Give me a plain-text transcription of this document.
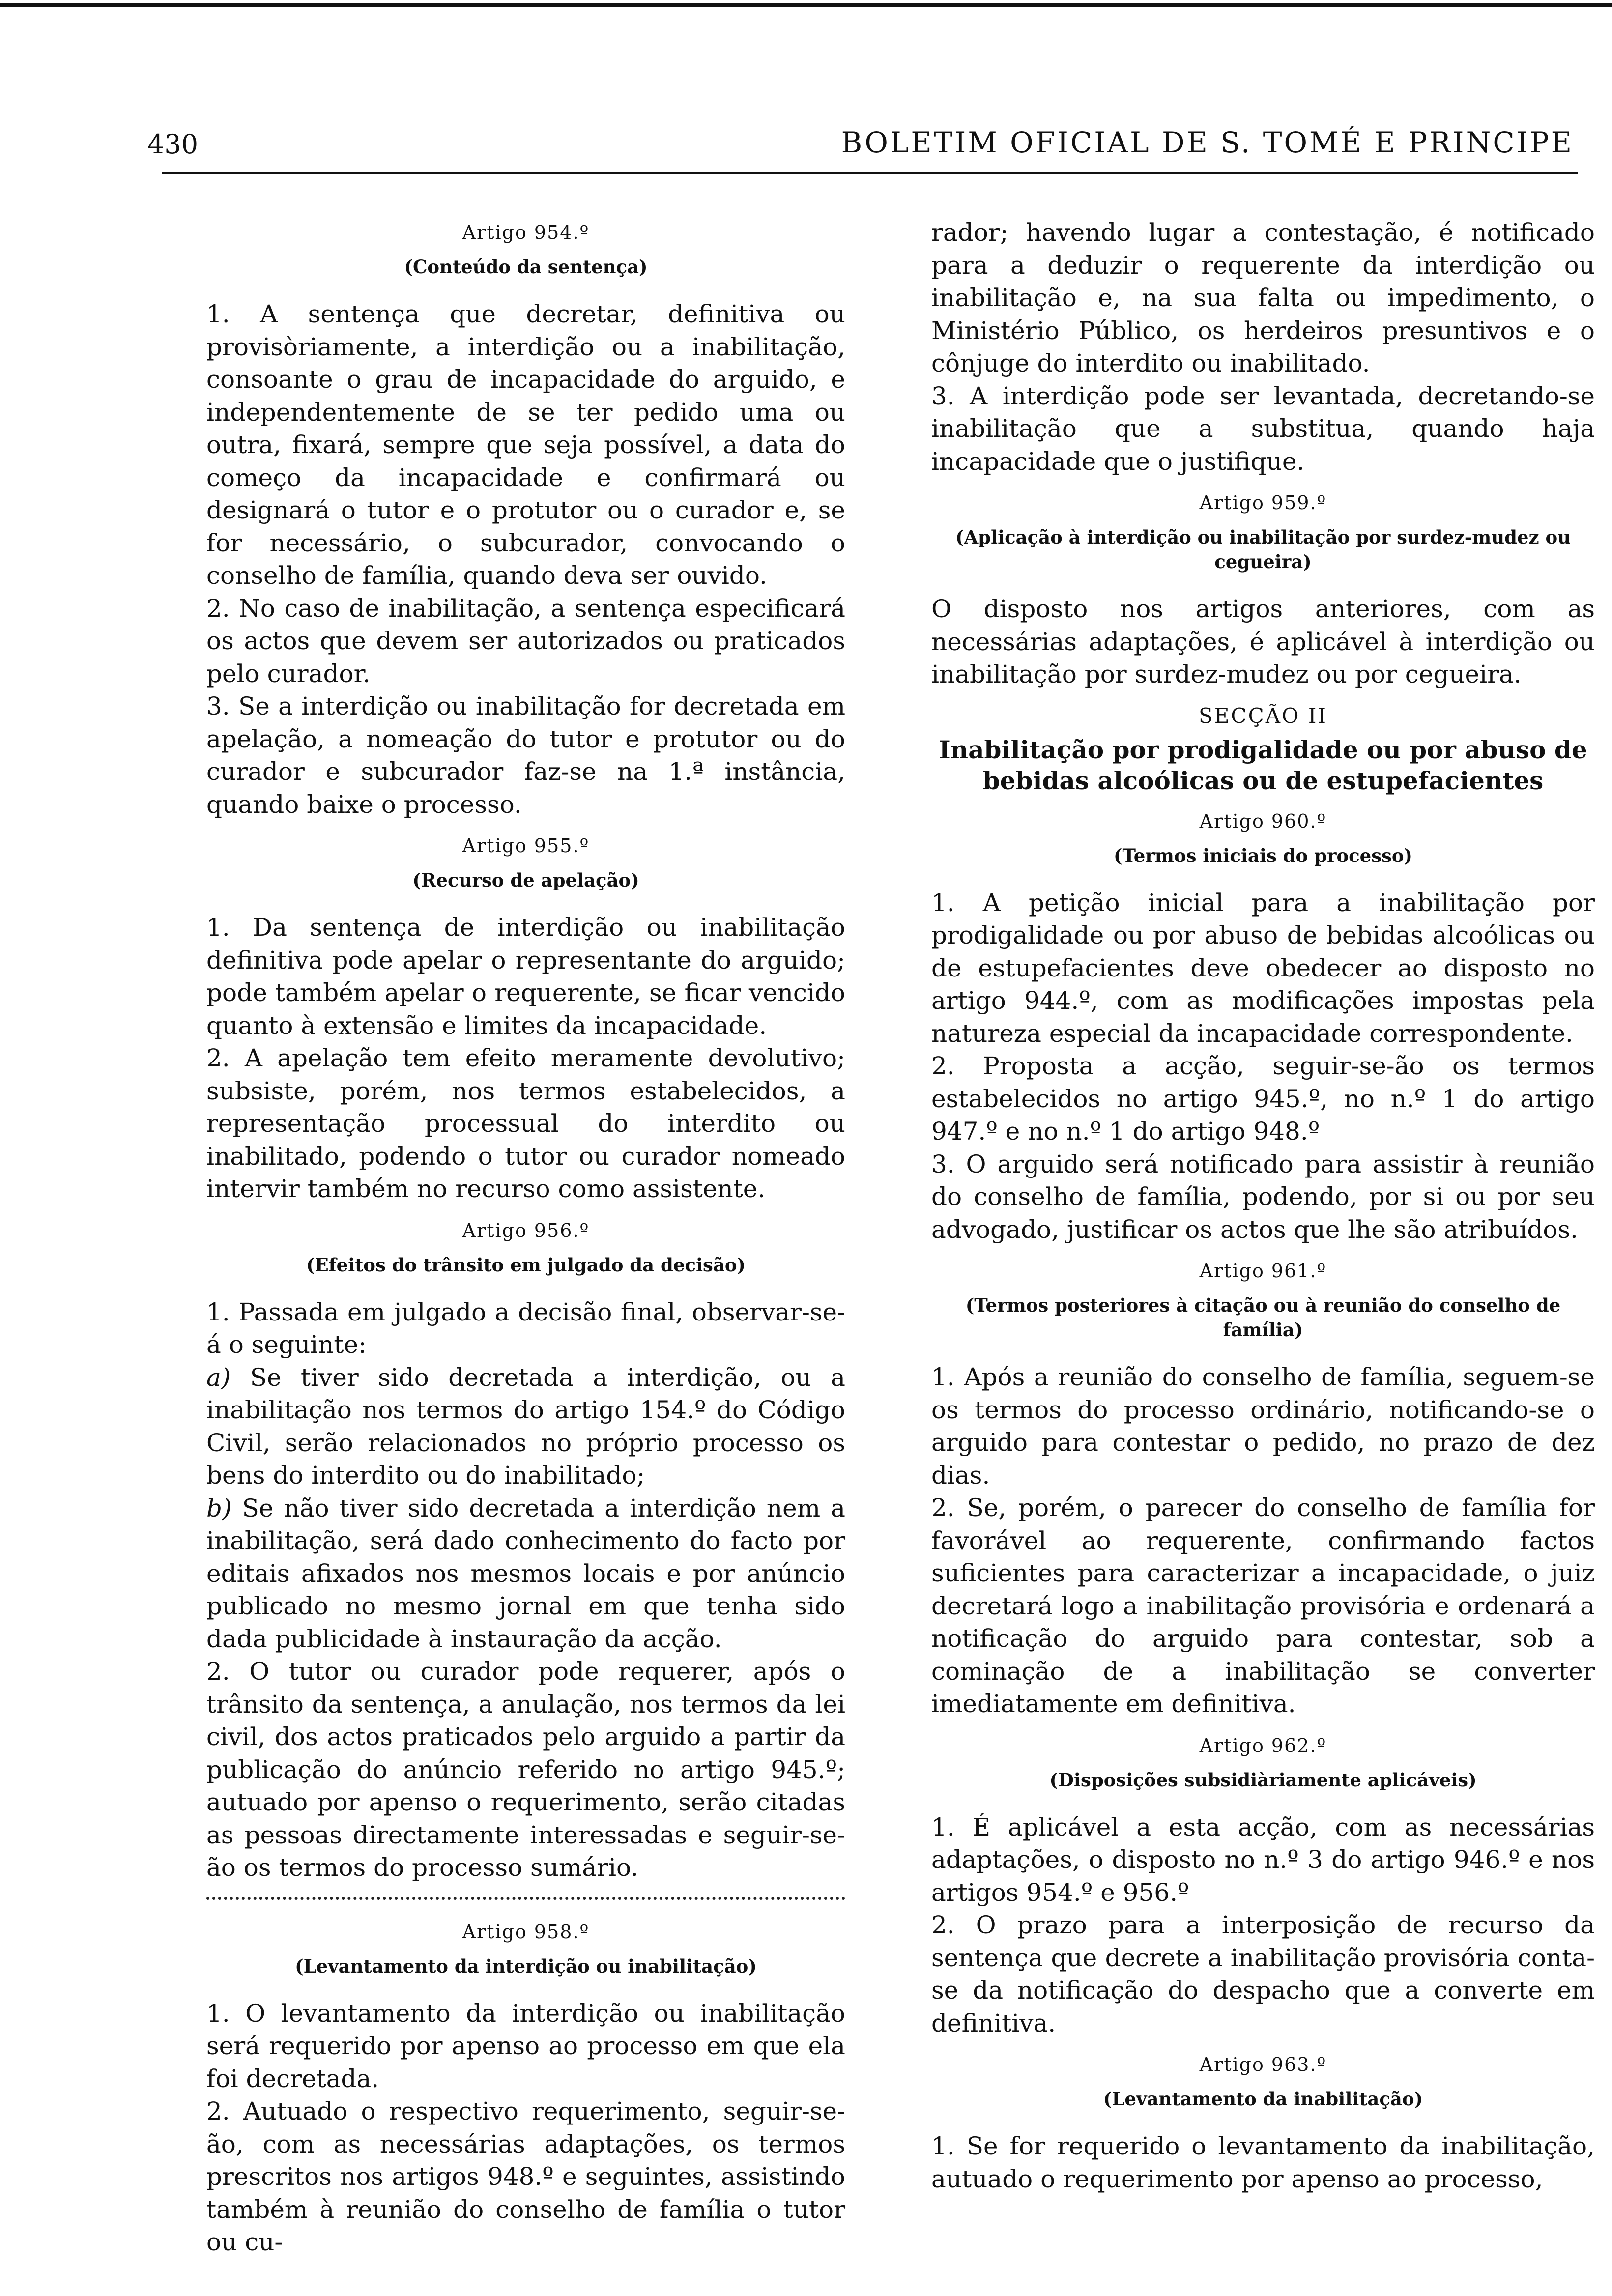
430	BOLETIM OFICIAL DE S. TOMÉ E PRINCIPE
Artigo 954.º
(Conteúdo da sentença)
1. A sentença que decretar, definitiva ou provisòriamente, a interdição ou a inabilitação, consoante o grau de incapacidade do arguido, e independentemente de se ter pedido uma ou outra, fixará, sempre que seja possível, a data do começo da incapacidade e confirmará ou designará o tutor e o protutor ou o curador e, se for necessário, o subcurador, convocando o conselho de família, quando deva ser ouvido.
2. No caso de inabilitação, a sentença especificará os actos que devem ser autorizados ou praticados pelo curador.
3. Se a interdição ou inabilitação for decretada em apelação, a nomeação do tutor e protutor ou do curador e subcurador faz-se na 1.ª instância, quando baixe o processo.
Artigo 955.º
(Recurso de apelação)
1. Da sentença de interdição ou inabilitação definitiva pode apelar o representante do arguido; pode também apelar o requerente, se ficar vencido quanto à extensão e limites da incapacidade.
2. A apelação tem efeito meramente devolutivo; subsiste, porém, nos termos estabelecidos, a representação processual do interdito ou inabilitado, podendo o tutor ou curador nomeado intervir também no recurso como assistente.
Artigo 956.º
(Efeitos do trânsito em julgado da decisão)
1. Passada em julgado a decisão final, observar-se-á o seguinte:
a) Se tiver sido decretada a interdição, ou a inabilitação nos termos do artigo 154.º do Código Civil, serão relacionados no próprio processo os bens do interdito ou do inabilitado;
b) Se não tiver sido decretada a interdição nem a inabilitação, será dado conhecimento do facto por editais afixados nos mesmos locais e por anúncio publicado no mesmo jornal em que tenha sido dada publicidade à instauração da acção.
2. O tutor ou curador pode requerer, após o trânsito da sentença, a anulação, nos termos da lei civil, dos actos praticados pelo arguido a partir da publicação do anúncio referido no artigo 945.º; autuado por apenso o requerimento, serão citadas as pessoas directamente interessadas e seguir-se-ão os termos do processo sumário.
Artigo 958.º
(Levantamento da interdição ou inabilitação)
1. O levantamento da interdição ou inabilitação será requerido por apenso ao processo em que ela foi decretada.
2. Autuado o respectivo requerimento, seguir-se-ão, com as necessárias adaptações, os termos prescritos nos artigos 948.º e seguintes, assistindo também à reunião do conselho de família o tutor ou cu-
rador; havendo lugar a contestação, é notificado para a deduzir o requerente da interdição ou inabilitação e, na sua falta ou impedimento, o Ministério Público, os herdeiros presuntivos e o cônjuge do interdito ou inabilitado.
3. A interdição pode ser levantada, decretando-se inabilitação que a substitua, quando haja incapacidade que o justifique.
Artigo 959.º
(Aplicação à interdição ou inabilitação por surdez-mudez ou cegueira)
O disposto nos artigos anteriores, com as necessárias adaptações, é aplicável à interdição ou inabilitação por surdez-mudez ou por cegueira.
SECÇÃO II
Inabilitação por prodigalidade ou por abuso de bebidas alcoólicas ou de estupefacientes
Artigo 960.º
(Termos iniciais do processo)
1. A petição inicial para a inabilitação por prodigalidade ou por abuso de bebidas alcoólicas ou de estupefacientes deve obedecer ao disposto no artigo 944.º, com as modificações impostas pela natureza especial da incapacidade correspondente.
2. Proposta a acção, seguir-se-ão os termos estabelecidos no artigo 945.º, no n.º 1 do artigo 947.º e no n.º 1 do artigo 948.º
3. O arguido será notificado para assistir à reunião do conselho de família, podendo, por si ou por seu advogado, justificar os actos que lhe são atribuídos.
Artigo 961.º
(Termos posteriores à citação ou à reunião do conselho de família)
1. Após a reunião do conselho de família, seguem-se os termos do processo ordinário, notificando-se o arguido para contestar o pedido, no prazo de dez dias.
2. Se, porém, o parecer do conselho de família for favorável ao requerente, confirmando factos suficientes para caracterizar a incapacidade, o juiz decretará logo a inabilitação provisória e ordenará a notificação do arguido para contestar, sob a cominação de a inabilitação se converter imediatamente em definitiva.
Artigo 962.º
(Disposições subsidiàriamente aplicáveis)
1. É aplicável a esta acção, com as necessárias adaptações, o disposto no n.º 3 do artigo 946.º e nos artigos 954.º e 956.º
2. O prazo para a interposição de recurso da sentença que decrete a inabilitação provisória conta-se da notificação do despacho que a converte em definitiva.
Artigo 963.º
(Levantamento da inabilitação)
1. Se for requerido o levantamento da inabilitação, autuado o requerimento por apenso ao processo,
